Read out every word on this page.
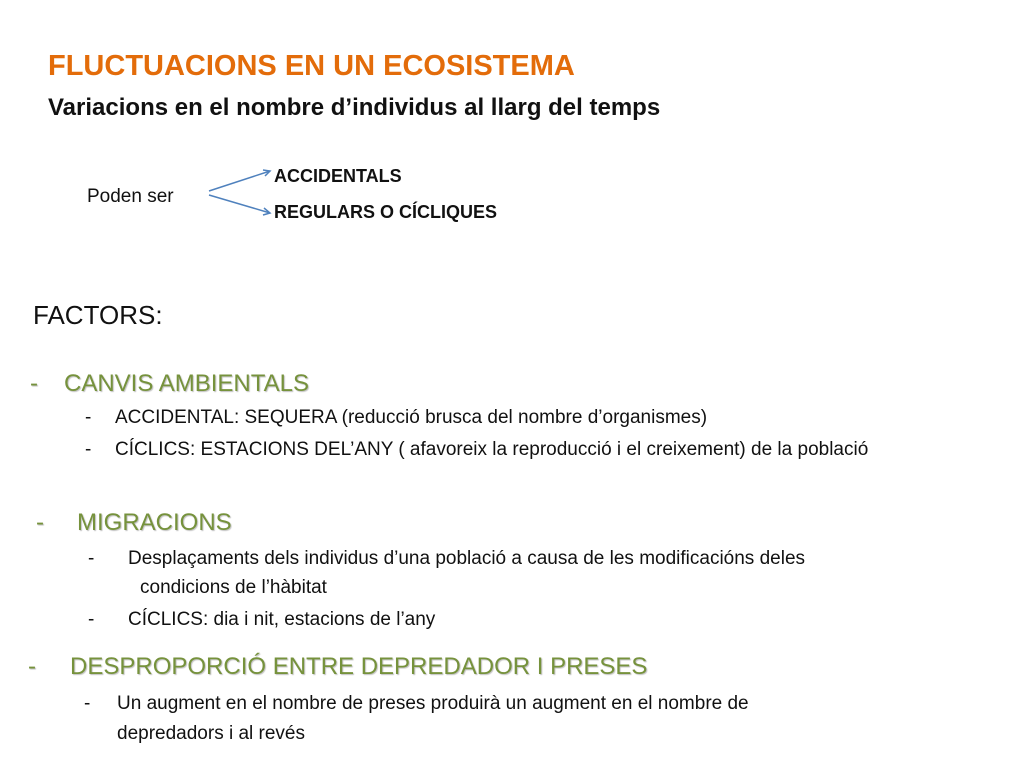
FLUCTUACIONS EN UN ECOSISTEMA
Variacions en el nombre d’individus al llarg del temps
Poden ser
ACCIDENTALS
REGULARS O CÍCLIQUES
FACTORS:
- CANVIS AMBIENTALS
- ACCIDENTAL: SEQUERA (reducció brusca del nombre d’organismes)
- CÍCLICS: ESTACIONS DEL’ANY ( afavoreix la reproducció i el creixement) de la població
- MIGRACIONS
- Desplaçaments dels individus d’una població a causa de les modificacións deles
condicions de l’hàbitat
- CÍCLICS: dia i nit, estacions de l’any
- DESPROPORCIÓ ENTRE DEPREDADOR I PRESES
- Un augment en el nombre de preses produirà un augment en el nombre de
depredadors i al revés
